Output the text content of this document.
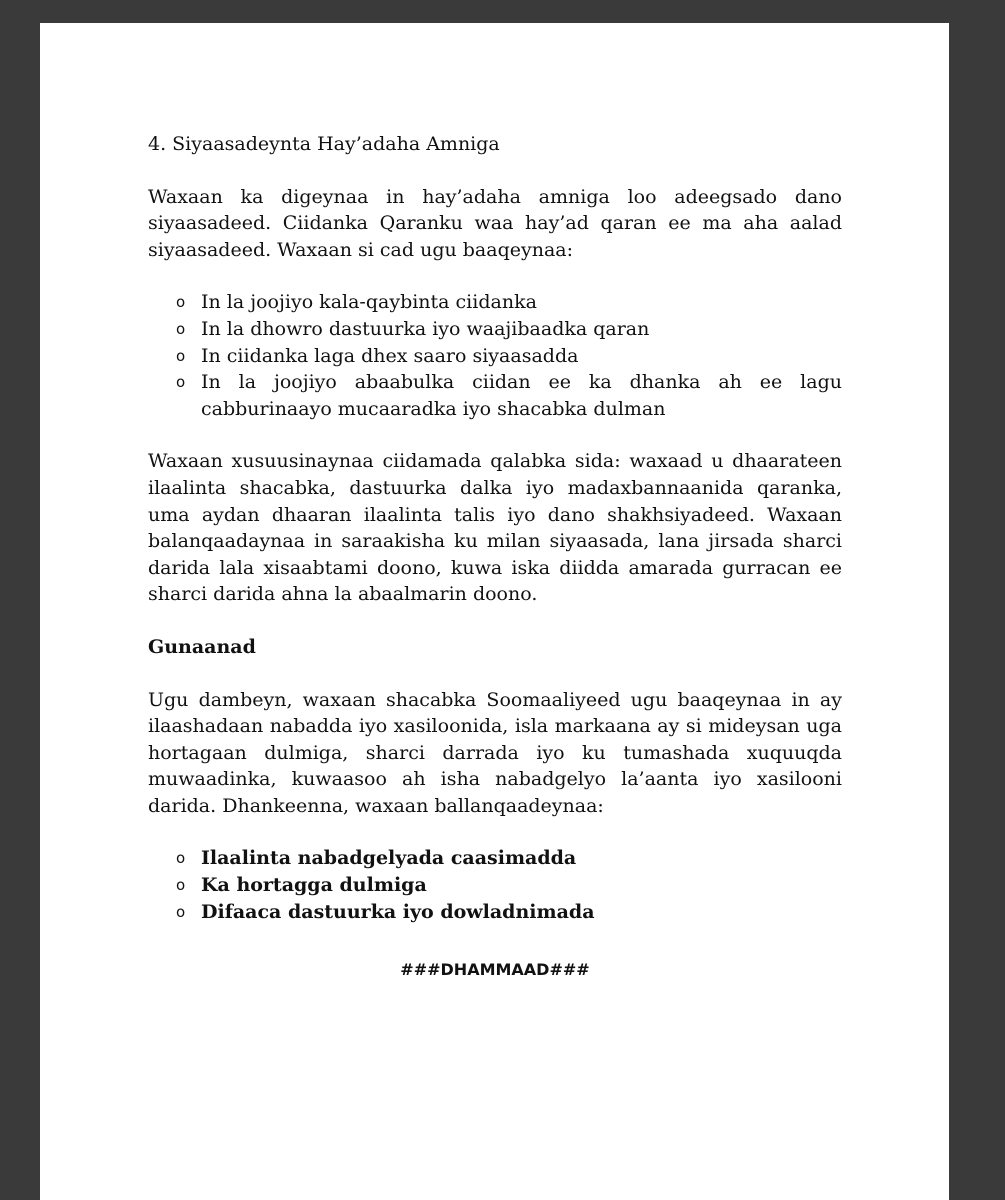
4. Siyaasadeynta Hay’adaha Amniga

Waxaan ka digeynaa in hay’adaha amniga loo adeegsado dano siyaasadeed. Ciidanka Qaranku waa hay’ad qaran ee ma aha aalad siyaasadeed. Waxaan si cad ugu baaqeynaa:

o In la joojiyo kala-qaybinta ciidanka
o In la dhowro dastuurka iyo waajibaadka qaran
o In ciidanka laga dhex saaro siyaasadda
o In la joojiyo abaabulka ciidan ee ka dhanka ah ee lagu cabburinaayo mucaaradka iyo shacabka dulman

Waxaan xusuusinaynaa ciidamada qalabka sida: waxaad u dhaarateen ilaalinta shacabka, dastuurka dalka iyo madaxbannaanida qaranka, uma aydan dhaaran ilaalinta talis iyo dano shakhsiyadeed. Waxaan balanqaadaynaa in saraakisha ku milan siyaasada, lana jirsada sharci darida lala xisaabtami doono, kuwa iska diidda amarada gurracan ee sharci darida ahna la abaalmarin doono.

Gunaanad

Ugu dambeyn, waxaan shacabka Soomaaliyeed ugu baaqeynaa in ay ilaashadaan nabadda iyo xasiloonida, isla markaana ay si mideysan uga hortagaan dulmiga, sharci darrada iyo ku tumashada xuquuqda muwaadinka, kuwaasoo ah isha nabadgelyo la’aanta iyo xasilooni darida. Dhankeenna, waxaan ballanqaadeynaa:

o Ilaalinta nabadgelyada caasimadda
o Ka hortagga dulmiga
o Difaaca dastuurka iyo dowladnimada
###DHAMMAAD###
